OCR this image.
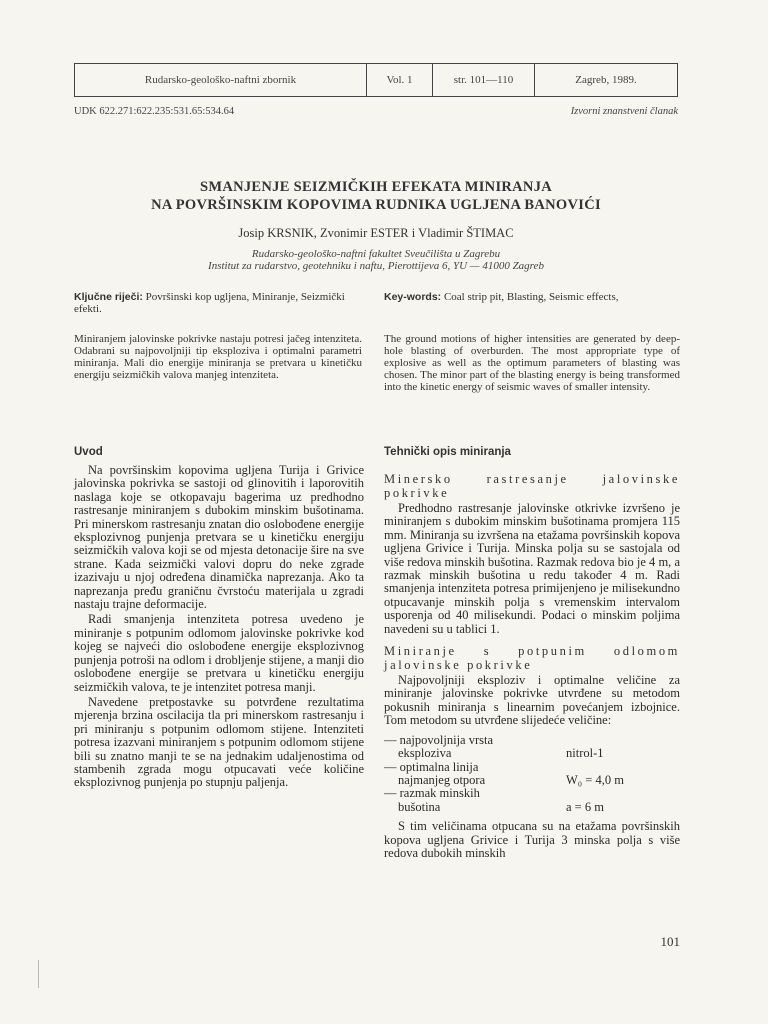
Rudarsko-geološko-naftni zbornik	Vol. 1	str. 101—110	Zagreb, 1989.
UDK 622.271:622.235:531.65:534.64	Izvorni znanstveni članak
SMANJENJE SEIZMIČKIH EFEKATA MINIRANJA
NA POVRŠINSKIM KOPOVIMA RUDNIKA UGLJENA BANOVIĆI
Josip KRSNIK, Zvonimir ESTER i Vladimir ŠTIMAC
Rudarsko-geološko-naftni fakultet Sveučilišta u Zagrebu
Institut za rudarstvo, geotehniku i naftu, Pierottijeva 6, YU — 41000 Zagreb
Ključne riječi: Površinski kop ugljena, Miniranje, Seizmički efekti.
Key-words: Coal strip pit, Blasting, Seismic effects,
Miniranjem jalovinske pokrivke nastaju potresi jačeg intenziteta. Odabrani su najpovoljniji tip eksploziva i optimalni parametri miniranja. Mali dio energije miniranja se pretvara u kinetičku energiju seizmičkih valova manjeg intenziteta.
The ground motions of higher intensities are generated by deep-hole blasting of overburden. The most appropriate type of explosive as well as the optimum parameters of blasting was chosen. The minor part of the blasting energy is being transformed into the kinetic energy of seismic waves of smaller intensity.
Uvod	Tehnički opis miniranja

Na površinskim kopovima ugljena Turija i Grivice jalovinska pokrivka se sastoji od glinovitih i laporovitih naslaga koje se otkopavaju bagerima uz predhodno rastresanje miniranjem s dubokim minskim bušotinama. Pri minerskom rastresanju znatan dio oslobođene energije eksplozivnog punjenja pretvara se u kinetičku energiju seizmičkih valova koji se od mjesta detonacije šire na sve strane. Kada seizmički valovi dopru do neke zgrade izazivaju u njoj određena dinamička naprezanja. Ako ta naprezanja pređu graničnu čvrstoću materijala u zgradi nastaju trajne deformacije.

Radi smanjenja intenziteta potresa uvedeno je miniranje s potpunim odlomom jalovinske pokrivke kod kojeg se najveći dio oslobođene energije eksplozivnog punjenja potroši na odlom i drobljenje stijene, a manji dio oslobođene energije se pretvara u kinetičku energiju seizmičkih valova, te je intenzitet potresa manji.

Navedene pretpostavke su potvrđene rezultatima mjerenja brzina oscilacija tla pri minerskom rastresanju i pri miniranju s potpunim odlomom stijene. Intenziteti potresa izazvani miniranjem s potpunim odlomom stijene bili su znatno manji te se na jednakim udaljenostima od stambenih zgrada mogu otpucavati veće količine eksplozivnog punjenja po stupnju paljenja.

Minersko rastresanje jalovinske pokrivke

Predhodno rastresanje jalovinske otkrivke izvršeno je miniranjem s dubokim minskim bušotinama promjera 115 mm. Miniranja su izvršena na etažama površinskih kopova ugljena Grivice i Turija. Minska polja su se sastojala od više redova minskih bušotina. Razmak redova bio je 4 m, a razmak minskih bušotina u redu također 4 m. Radi smanjenja intenziteta potresa primijenjeno je milisekundno otpucavanje minskih polja s vremenskim intervalom usporenja od 40 milisekundi. Podaci o minskim poljima navedeni su u tablici 1.

Miniranje s potpunim odlomom jalovinske pokrivke

Najpovoljniji eksploziv i optimalne veličine za miniranje jalovinske pokrivke utvrđene su metodom pokusnih miniranja s linearnim povećanjem izbojnice. Tom metodom su utvrđene slijedeće veličine:

— najpovoljnija vrsta
eksploziva	nitrol-1
— optimalna linija
najmanjeg otpora	W₀ = 4,0 m
— razmak minskih
bušotina	a = 6 m

S tim veličinama otpucana su na etažama površinskih kopova ugljena Grivice i Turija 3 minska polja s više redova dubokih minskih

101
